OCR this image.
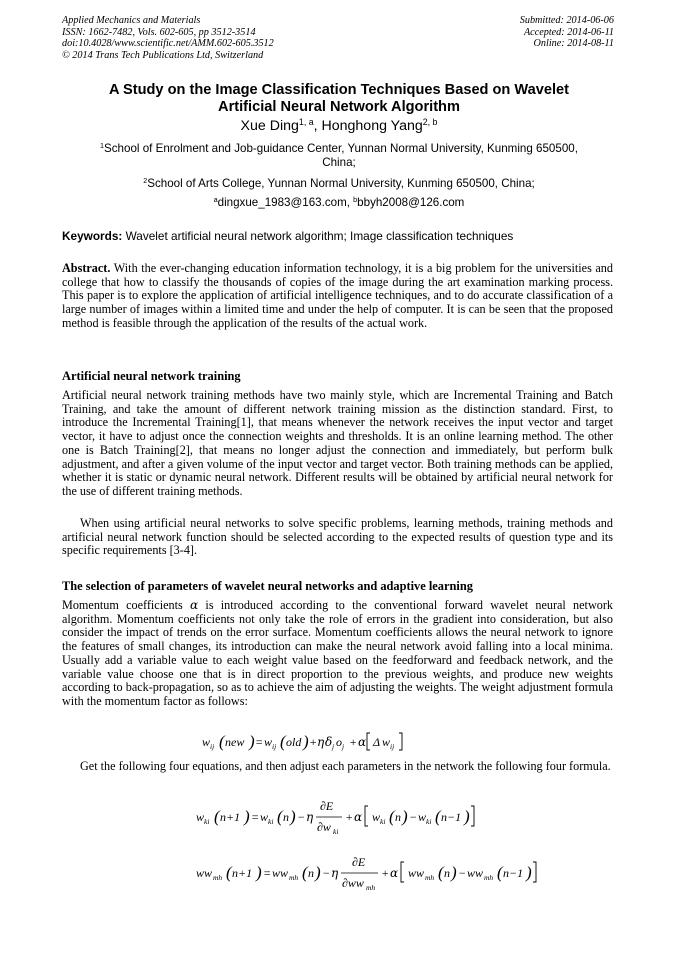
Applied Mechanics and Materials
ISSN: 1662-7482, Vols. 602-605, pp 3512-3514
doi:10.4028/www.scientific.net/AMM.602-605.3512
© 2014 Trans Tech Publications Ltd, Switzerland
Submitted: 2014-06-06
Accepted: 2014-06-11
Online: 2014-08-11
A Study on the Image Classification Techniques Based on Wavelet
Artificial Neural Network Algorithm
Xue Ding$^{1, a}$, Honghong Yang$^{2, b}$
$^1$School of Enrolment and Job-guidance Center, Yunnan Normal University, Kunming 650500,
China;
$^2$School of Arts College, Yunnan Normal University, Kunming 650500, China;
$^a$dingxue_1983@163.com, $^b$bbyh2008@126.com
Keywords: Wavelet artificial neural network algorithm; Image classification techniques
Abstract. With the ever-changing education information technology, it is a big problem for the universities and college that how to classify the thousands of copies of the image during the art examination marking process. This paper is to explore the application of artificial intelligence techniques, and to do accurate classification of a large number of images within a limited time and under the help of computer. It is can be seen that the proposed method is feasible through the application of the results of the actual work.
Artificial neural network training
Artificial neural network training methods have two mainly style, which are Incremental Training and Batch Training, and take the amount of different network training mission as the distinction standard. First, to introduce the Incremental Training[1], that means whenever the network receives the input vector and target vector, it have to adjust once the connection weights and thresholds. It is an online learning method. The other one is Batch Training[2], that means no longer adjust the connection and immediately, but perform bulk adjustment, and after a given volume of the input vector and target vector. Both training methods can be applied, whether it is static or dynamic neural network. Different results will be obtained by artificial neural network for the use of different training methods.
When using artificial neural networks to solve specific problems, learning methods, training methods and artificial neural network function should be selected according to the expected results of question type and its specific requirements [3-4].
The selection of parameters of wavelet neural networks and adaptive learning
Momentum coefficients α is introduced according to the conventional forward wavelet neural network algorithm. Momentum coefficients not only take the role of errors in the gradient into consideration, but also consider the impact of trends on the error surface. Momentum coefficients allows the neural network to ignore the features of small changes, its introduction can make the neural network avoid falling into a local minima. Usually add a variable value to each weight value based on the feedforward and feedback network, and the variable value choose one that is in direct proportion to the previous weights, and produce new weights according to back-propagation, so as to achieve the aim of adjusting the weights. The weight adjustment formula with the momentum factor as follows:
w ij ( new ) = w ij ( old ) + η δ j o j + α Δ w ij
Get the following four equations, and then adjust each parameters in the network the following four formula.
w ki ( n+1 ) = w ki ( n ) − η
∂E
∂w ki
+ α w ki ( n ) − w ki ( n−1 )
ww mh ( n+1 ) = ww mh ( n ) − η
∂E
∂ww mh
+ α ww mh ( n ) − ww mh ( n−1 )
